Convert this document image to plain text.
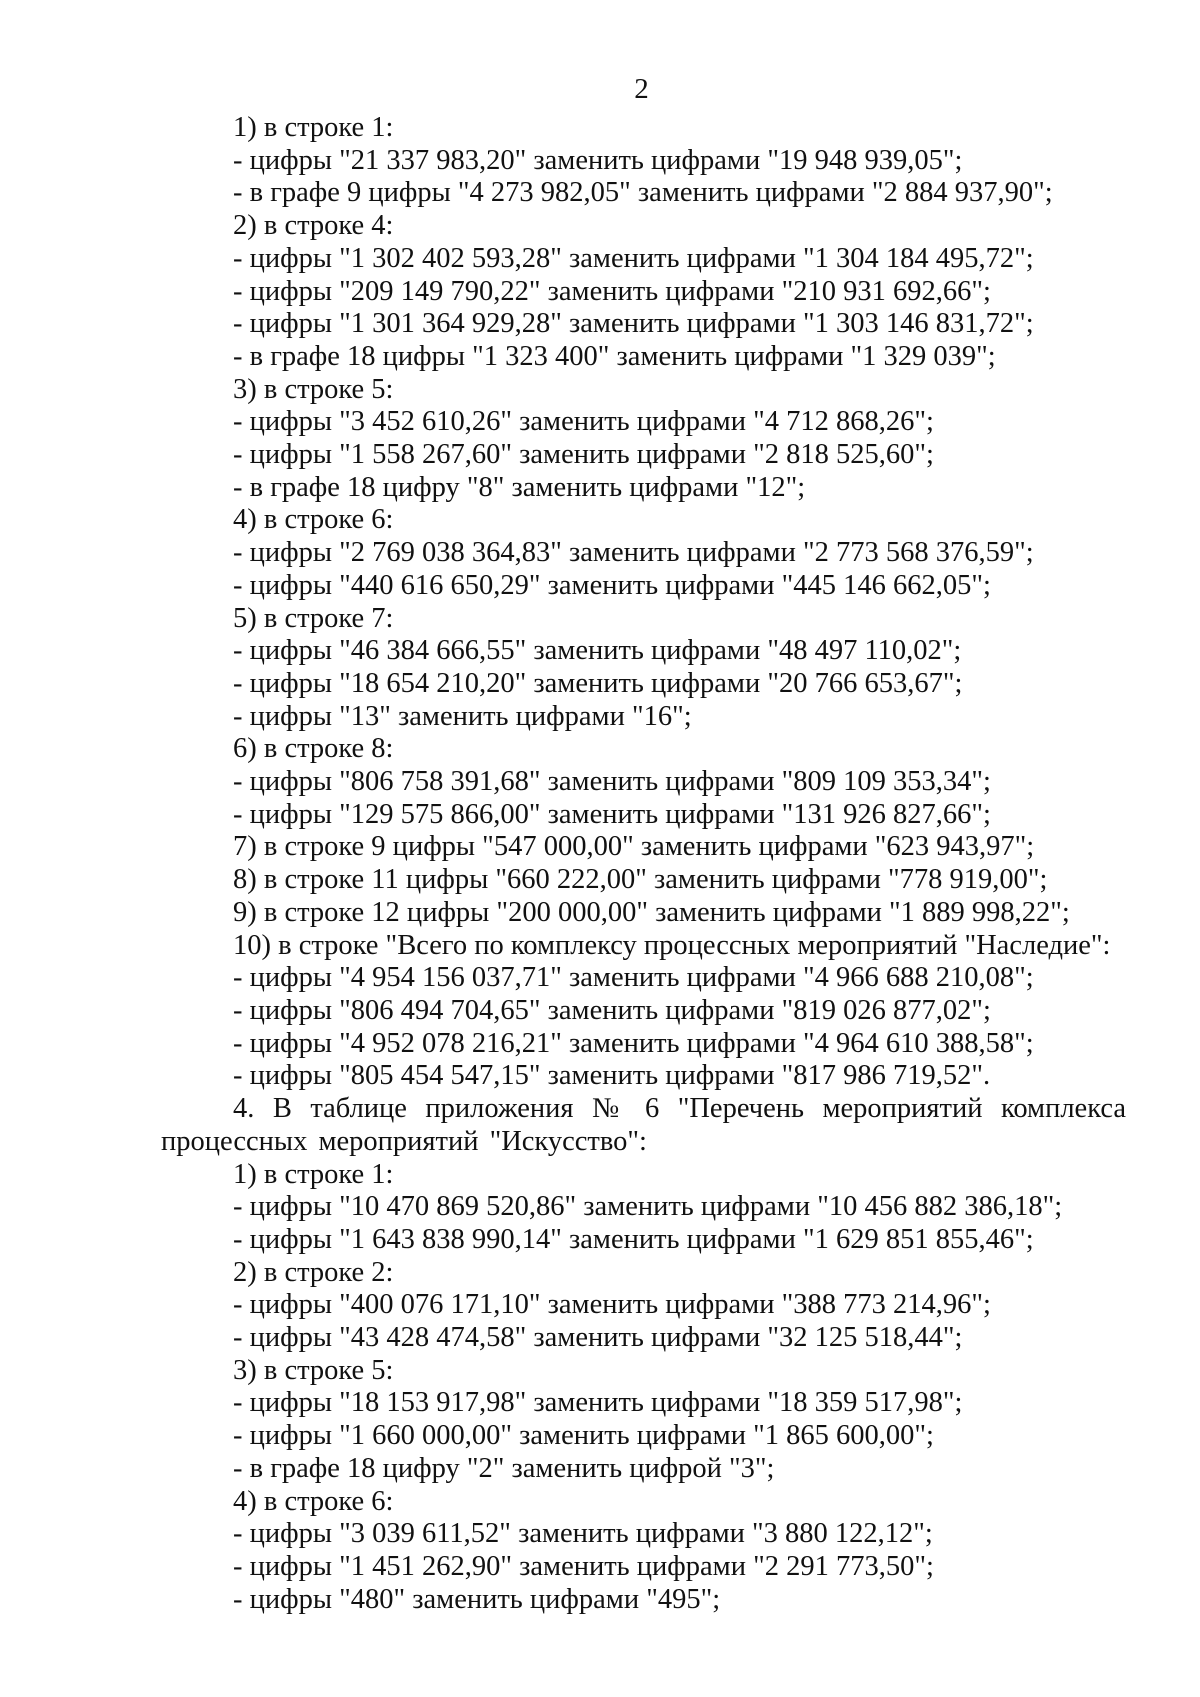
2
1) в строке 1:
- цифры "21 337 983,20" заменить цифрами "19 948 939,05";
- в графе 9 цифры "4 273 982,05" заменить цифрами "2 884 937,90";
2) в строке 4:
- цифры "1 302 402 593,28" заменить цифрами "1 304 184 495,72";
- цифры "209 149 790,22" заменить цифрами "210 931 692,66";
- цифры "1 301 364 929,28" заменить цифрами "1 303 146 831,72";
- в графе 18 цифры "1 323 400" заменить цифрами "1 329 039";
3) в строке 5:
- цифры "3 452 610,26" заменить цифрами "4 712 868,26";
- цифры "1 558 267,60" заменить цифрами "2 818 525,60";
- в графе 18 цифру "8" заменить цифрами "12";
4) в строке 6:
- цифры "2 769 038 364,83" заменить цифрами "2 773 568 376,59";
- цифры "440 616 650,29" заменить цифрами "445 146 662,05";
5) в строке 7:
- цифры "46 384 666,55" заменить цифрами "48 497 110,02";
- цифры "18 654 210,20" заменить цифрами "20 766 653,67";
- цифры "13" заменить цифрами "16";
6) в строке 8:
- цифры "806 758 391,68" заменить цифрами "809 109 353,34";
- цифры "129 575 866,00" заменить цифрами "131 926 827,66";
7) в строке 9 цифры "547 000,00" заменить цифрами "623 943,97";
8) в строке 11 цифры "660 222,00" заменить цифрами "778 919,00";
9) в строке 12 цифры "200 000,00" заменить цифрами "1 889 998,22";
10) в строке "Всего по комплексу процессных мероприятий "Наследие":
- цифры "4 954 156 037,71" заменить цифрами "4 966 688 210,08";
- цифры "806 494 704,65" заменить цифрами "819 026 877,02";
- цифры "4 952 078 216,21" заменить цифрами "4 964 610 388,58";
- цифры "805 454 547,15" заменить цифрами "817 986 719,52".
4. В таблице приложения № 6 "Перечень мероприятий комплекса процессных мероприятий "Искусство":
1) в строке 1:
- цифры "10 470 869 520,86" заменить цифрами "10 456 882 386,18";
- цифры "1 643 838 990,14" заменить цифрами "1 629 851 855,46";
2) в строке 2:
- цифры "400 076 171,10" заменить цифрами "388 773 214,96";
- цифры "43 428 474,58" заменить цифрами "32 125 518,44";
3) в строке 5:
- цифры "18 153 917,98" заменить цифрами "18 359 517,98";
- цифры "1 660 000,00" заменить цифрами "1 865 600,00";
- в графе 18 цифру "2" заменить цифрой "3";
4) в строке 6:
- цифры "3 039 611,52" заменить цифрами "3 880 122,12";
- цифры "1 451 262,90" заменить цифрами "2 291 773,50";
- цифры "480" заменить цифрами "495";
